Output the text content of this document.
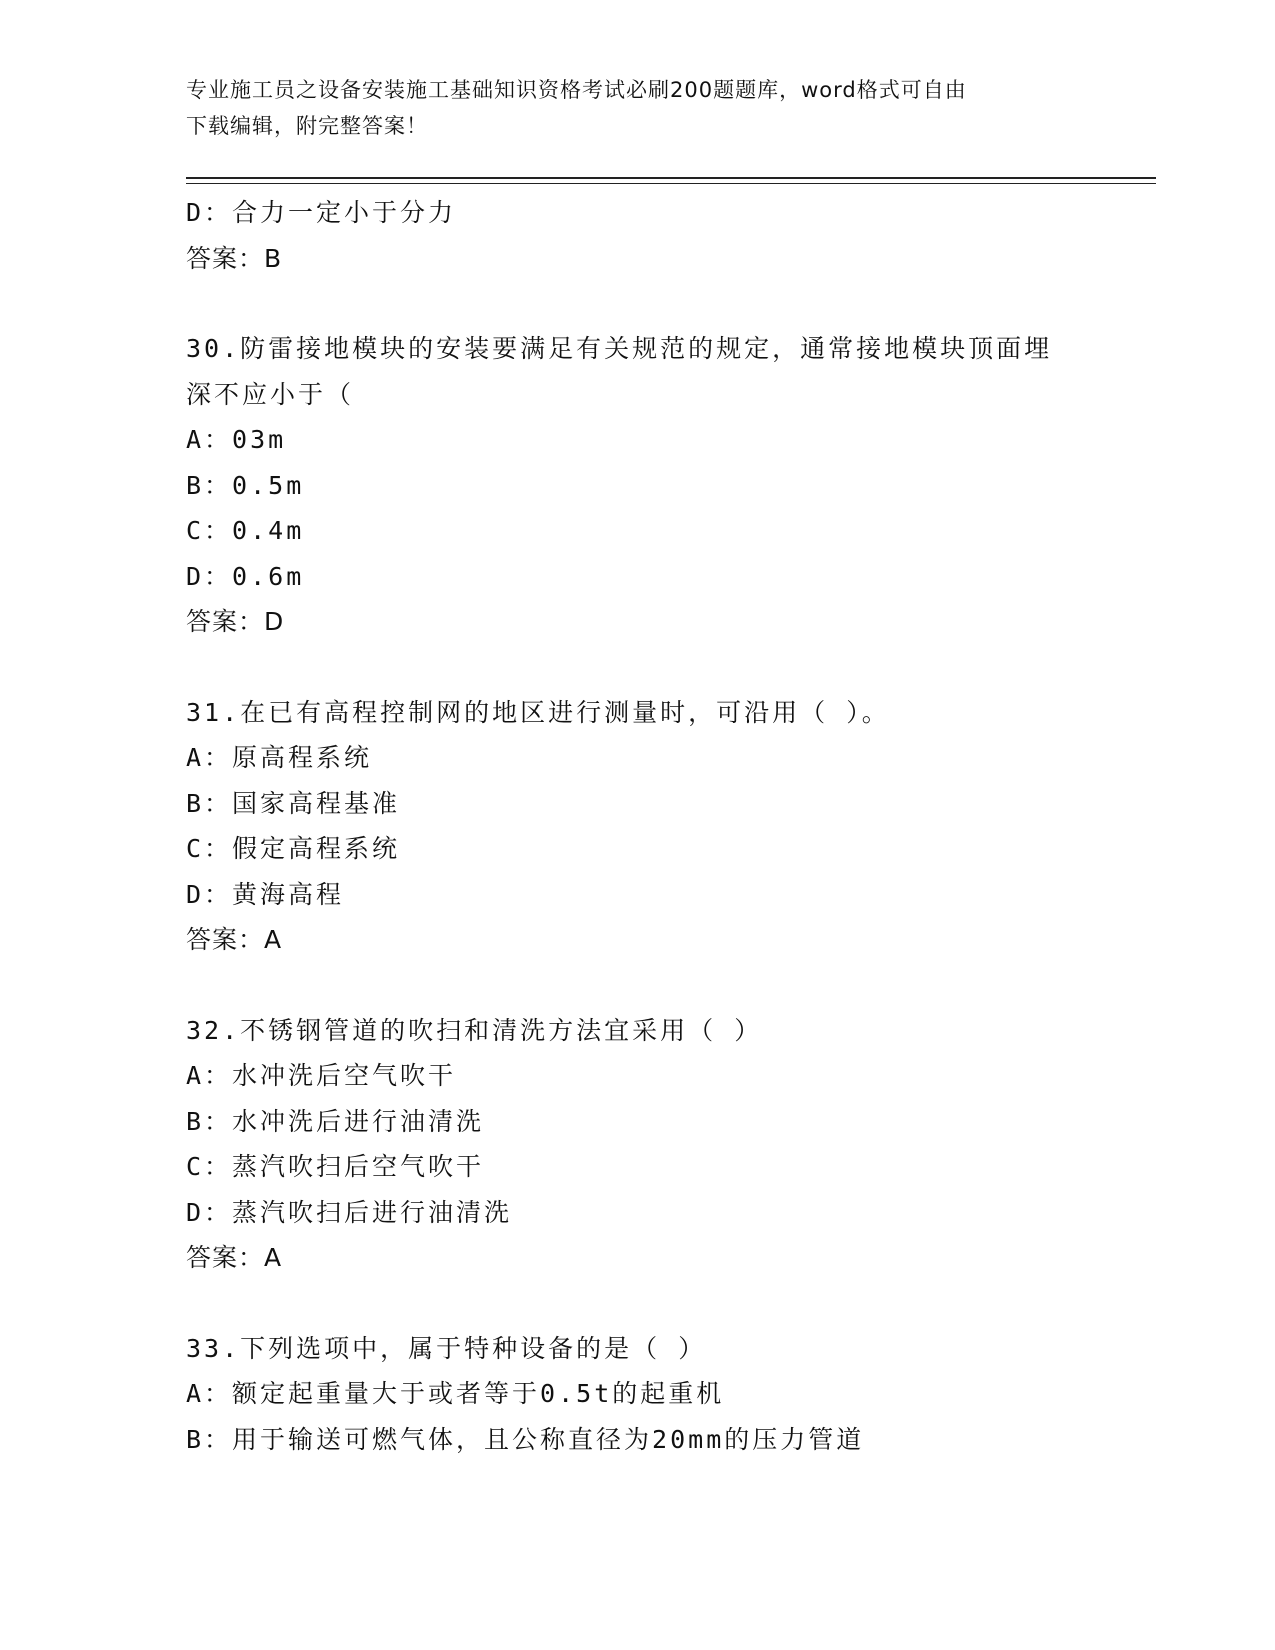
专业施工员之设备安装施工基础知识资格考试必刷200题题库，word格式可自由
下载编辑，附完整答案！
D：合力一定小于分力
答案：B
30.防雷接地模块的安装要满足有关规范的规定，通常接地模块顶面埋
深不应小于（
A：03m
B：0.5m
C：0.4m
D：0.6m
答案：D
31.在已有高程控制网的地区进行测量时，可沿用（ ）。
A：原高程系统
B：国家高程基准
C：假定高程系统
D：黄海高程
答案：A
32.不锈钢管道的吹扫和清洗方法宜采用（ ）
A：水冲洗后空气吹干
B：水冲洗后进行油清洗
C：蒸汽吹扫后空气吹干
D：蒸汽吹扫后进行油清洗
答案：A
33.下列选项中，属于特种设备的是（ ）
A：额定起重量大于或者等于0.5t的起重机
B：用于输送可燃气体，且公称直径为20mm的压力管道
